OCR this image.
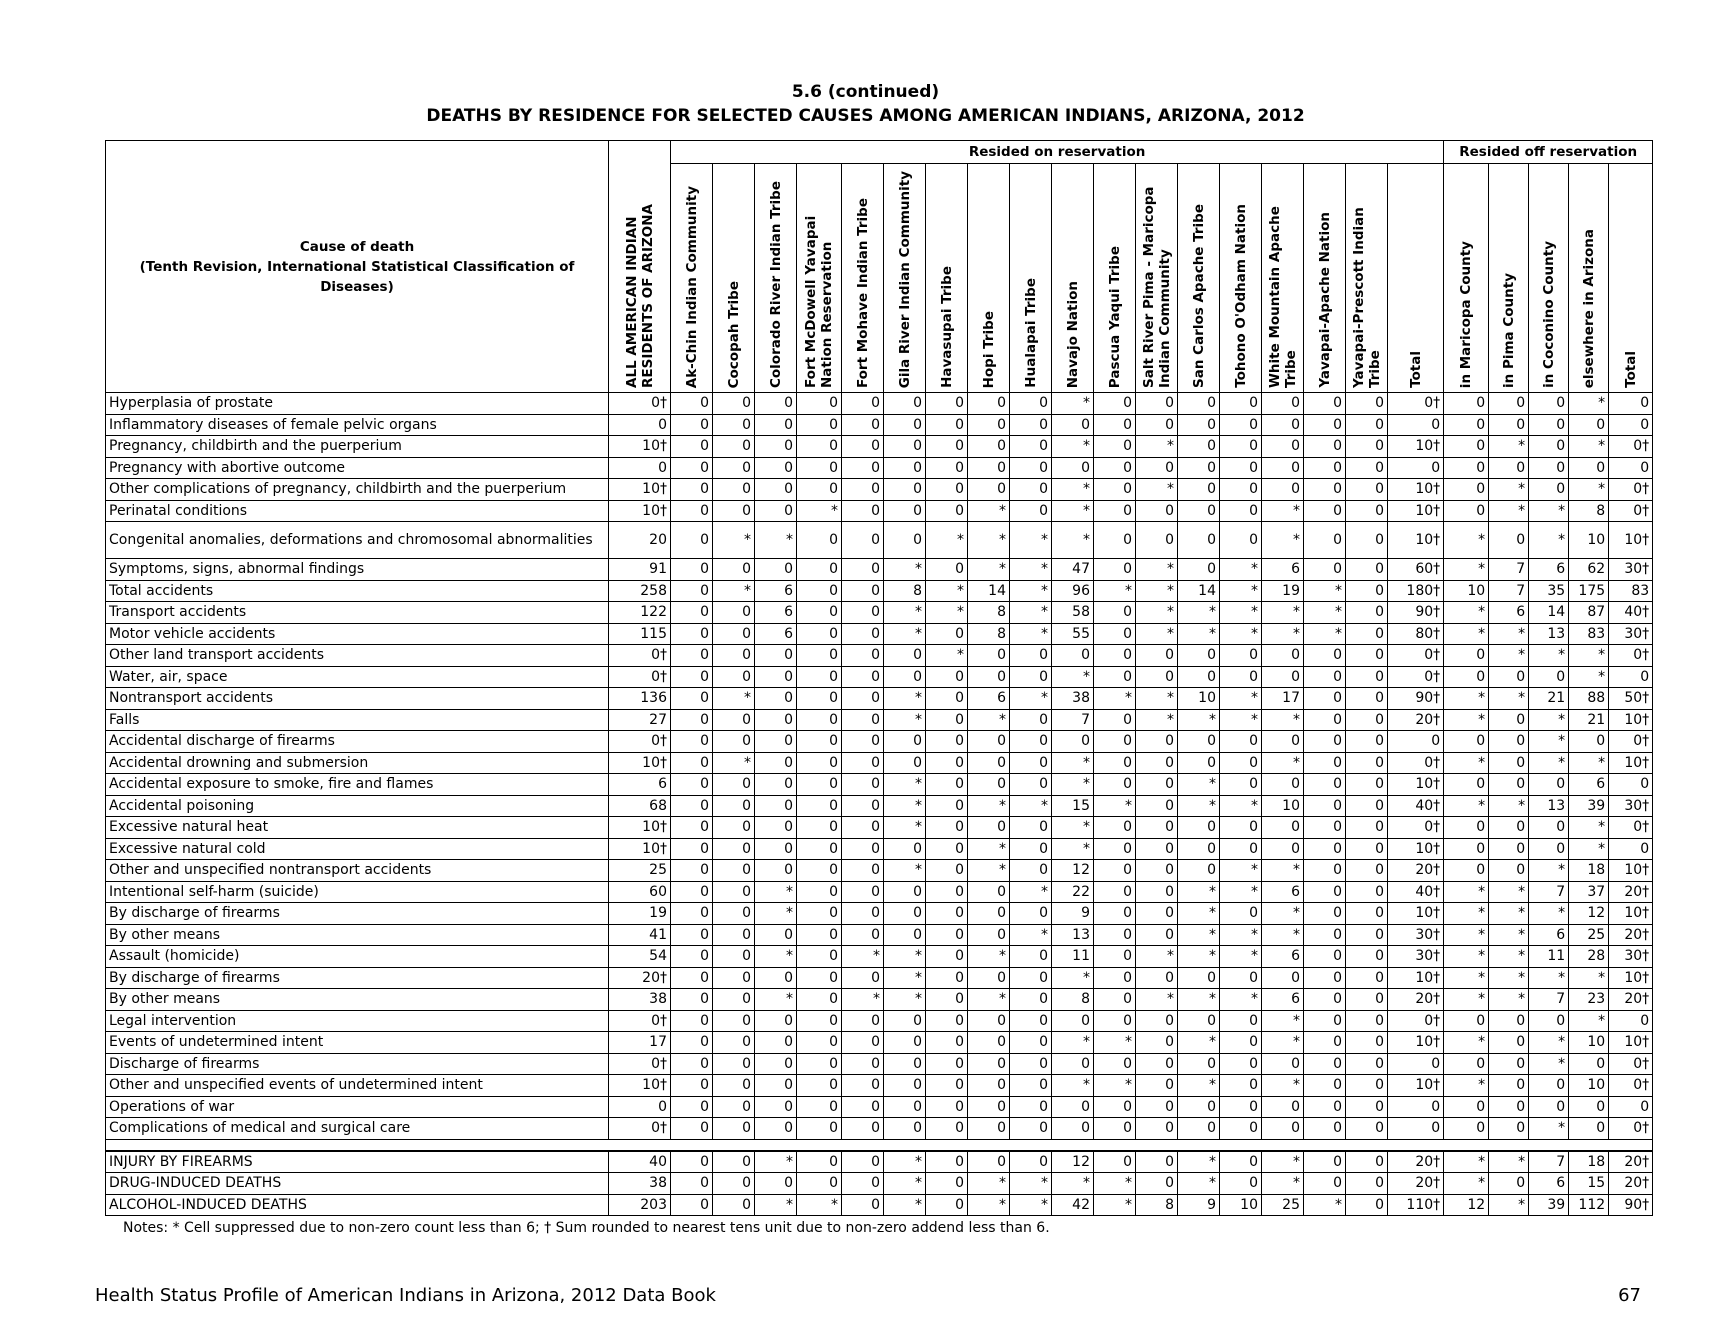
5.6 (continued)
DEATHS BY RESIDENCE FOR SELECTED CAUSES AMONG AMERICAN INDIANS, ARIZONA, 2012
Cause of death
(Tenth Revision, International Statistical Classification of Diseases)	ALL AMERICAN INDIAN RESIDENTS OF ARIZONA	Resided on reservation																		Resided off reservation				
		Ak-Chin Indian Community	Cocopah Tribe	Colorado River Indian Tribe	Fort McDowell Yavapai Nation Reservation	Fort Mohave Indian Tribe	Gila River Indian Community	Havasupai Tribe	Hopi Tribe	Hualapai Tribe	Navajo Nation	Pascua Yaqui Tribe	Salt River Pima - Maricopa Indian Community	San Carlos Apache Tribe	Tohono O'Odham Nation	White Mountain Apache Tribe	Yavapai-Apache Nation	Yavapai-Prescott Indian Tribe	Total	in Maricopa County	in Pima County	in Coconino County	elsewhere in Arizona	Total
Hyperplasia of prostate	0†	0	0	0	0	0	0	0	0	0	*	0	0	0	0	0	0	0	0†	0	0	0	*	0
Inflammatory diseases of female pelvic organs	0	0	0	0	0	0	0	0	0	0	0	0	0	0	0	0	0	0	0	0	0	0	0	0
Pregnancy, childbirth and the puerperium	10†	0	0	0	0	0	0	0	0	0	*	0	*	0	0	0	0	0	10†	0	*	0	*	0†
Pregnancy with abortive outcome	0	0	0	0	0	0	0	0	0	0	0	0	0	0	0	0	0	0	0	0	0	0	0	0
Other complications of pregnancy, childbirth and the puerperium	10†	0	0	0	0	0	0	0	0	0	*	0	*	0	0	0	0	0	10†	0	*	0	*	0†
Perinatal conditions	10†	0	0	0	*	0	0	0	*	0	*	0	0	0	0	*	0	0	10†	0	*	*	8	0†
Congenital anomalies, deformations and chromosomal abnormalities	20	0	*	*	0	0	0	*	*	*	*	0	0	0	0	*	0	0	10†	*	0	*	10	10†
Symptoms, signs, abnormal findings	91	0	0	0	0	0	*	0	*	*	47	0	*	0	*	6	0	0	60†	*	7	6	62	30†
Total accidents	258	0	*	6	0	0	8	*	14	*	96	*	*	14	*	19	*	0	180†	10	7	35	175	83
Transport accidents	122	0	0	6	0	0	*	*	8	*	58	0	*	*	*	*	*	0	90†	*	6	14	87	40†
Motor vehicle accidents	115	0	0	6	0	0	*	0	8	*	55	0	*	*	*	*	*	0	80†	*	*	13	83	30†
Other land transport accidents	0†	0	0	0	0	0	0	*	0	0	0	0	0	0	0	0	0	0	0†	0	*	*	*	0†
Water, air, space	0†	0	0	0	0	0	0	0	0	0	*	0	0	0	0	0	0	0	0†	0	0	0	*	0
Nontransport accidents	136	0	*	0	0	0	*	0	6	*	38	*	*	10	*	17	0	0	90†	*	*	21	88	50†
Falls	27	0	0	0	0	0	*	0	*	0	7	0	*	*	*	*	0	0	20†	*	0	*	21	10†
Accidental discharge of firearms	0†	0	0	0	0	0	0	0	0	0	0	0	0	0	0	0	0	0	0	0	0	*	0	0†
Accidental drowning and submersion	10†	0	*	0	0	0	0	0	0	0	*	0	0	0	0	*	0	0	0†	*	0	*	*	10†
Accidental exposure to smoke, fire and flames	6	0	0	0	0	0	*	0	0	0	*	0	0	*	0	0	0	0	10†	0	0	0	6	0
Accidental poisoning	68	0	0	0	0	0	*	0	*	*	15	*	0	*	*	10	0	0	40†	*	*	13	39	30†
Excessive natural heat	10†	0	0	0	0	0	*	0	0	0	*	0	0	0	0	0	0	0	0†	0	0	0	*	0†
Excessive natural cold	10†	0	0	0	0	0	0	0	*	0	*	0	0	0	0	0	0	0	10†	0	0	0	*	0
Other and unspecified nontransport accidents	25	0	0	0	0	0	*	0	*	0	12	0	0	0	*	*	0	0	20†	0	0	*	18	10†
Intentional self-harm (suicide)	60	0	0	*	0	0	0	0	0	*	22	0	0	*	*	6	0	0	40†	*	*	7	37	20†
By discharge of firearms	19	0	0	*	0	0	0	0	0	0	9	0	0	*	0	*	0	0	10†	*	*	*	12	10†
By other means	41	0	0	0	0	0	0	0	0	*	13	0	0	*	*	*	0	0	30†	*	*	6	25	20†
Assault (homicide)	54	0	0	*	0	*	*	0	*	0	11	0	*	*	*	6	0	0	30†	*	*	11	28	30†
By discharge of firearms	20†	0	0	0	0	0	*	0	0	0	*	0	0	0	0	0	0	0	10†	*	*	*	*	10†
By other means	38	0	0	*	0	*	*	0	*	0	8	0	*	*	*	6	0	0	20†	*	*	7	23	20†
Legal intervention	0†	0	0	0	0	0	0	0	0	0	0	0	0	0	0	*	0	0	0†	0	0	0	*	0
Events of undetermined intent	17	0	0	0	0	0	0	0	0	0	*	*	0	*	0	*	0	0	10†	*	0	*	10	10†
Discharge of firearms	0†	0	0	0	0	0	0	0	0	0	0	0	0	0	0	0	0	0	0	0	0	*	0	0†
Other and unspecified events of undetermined intent	10†	0	0	0	0	0	0	0	0	0	*	*	0	*	0	*	0	0	10†	*	0	0	10	0†
Operations of war	0	0	0	0	0	0	0	0	0	0	0	0	0	0	0	0	0	0	0	0	0	0	0	0
Complications of medical and surgical care	0†	0	0	0	0	0	0	0	0	0	0	0	0	0	0	0	0	0	0	0	0	*	0	0†

INJURY BY FIREARMS	40	0	0	*	0	0	*	0	0	0	12	0	0	*	0	*	0	0	20†	*	*	7	18	20†
DRUG-INDUCED DEATHS	38	0	0	0	0	0	*	0	*	*	*	*	0	*	0	*	0	0	20†	*	0	6	15	20†
ALCOHOL-INDUCED DEATHS	203	0	0	*	*	0	*	0	*	*	42	*	8	9	10	25	*	0	110†	12	*	39	112	90†
Notes: * Cell suppressed due to non-zero count less than 6; † Sum rounded to nearest tens unit due to non-zero addend less than 6.
Health Status Profile of American Indians in Arizona, 2012 Data Book	67
